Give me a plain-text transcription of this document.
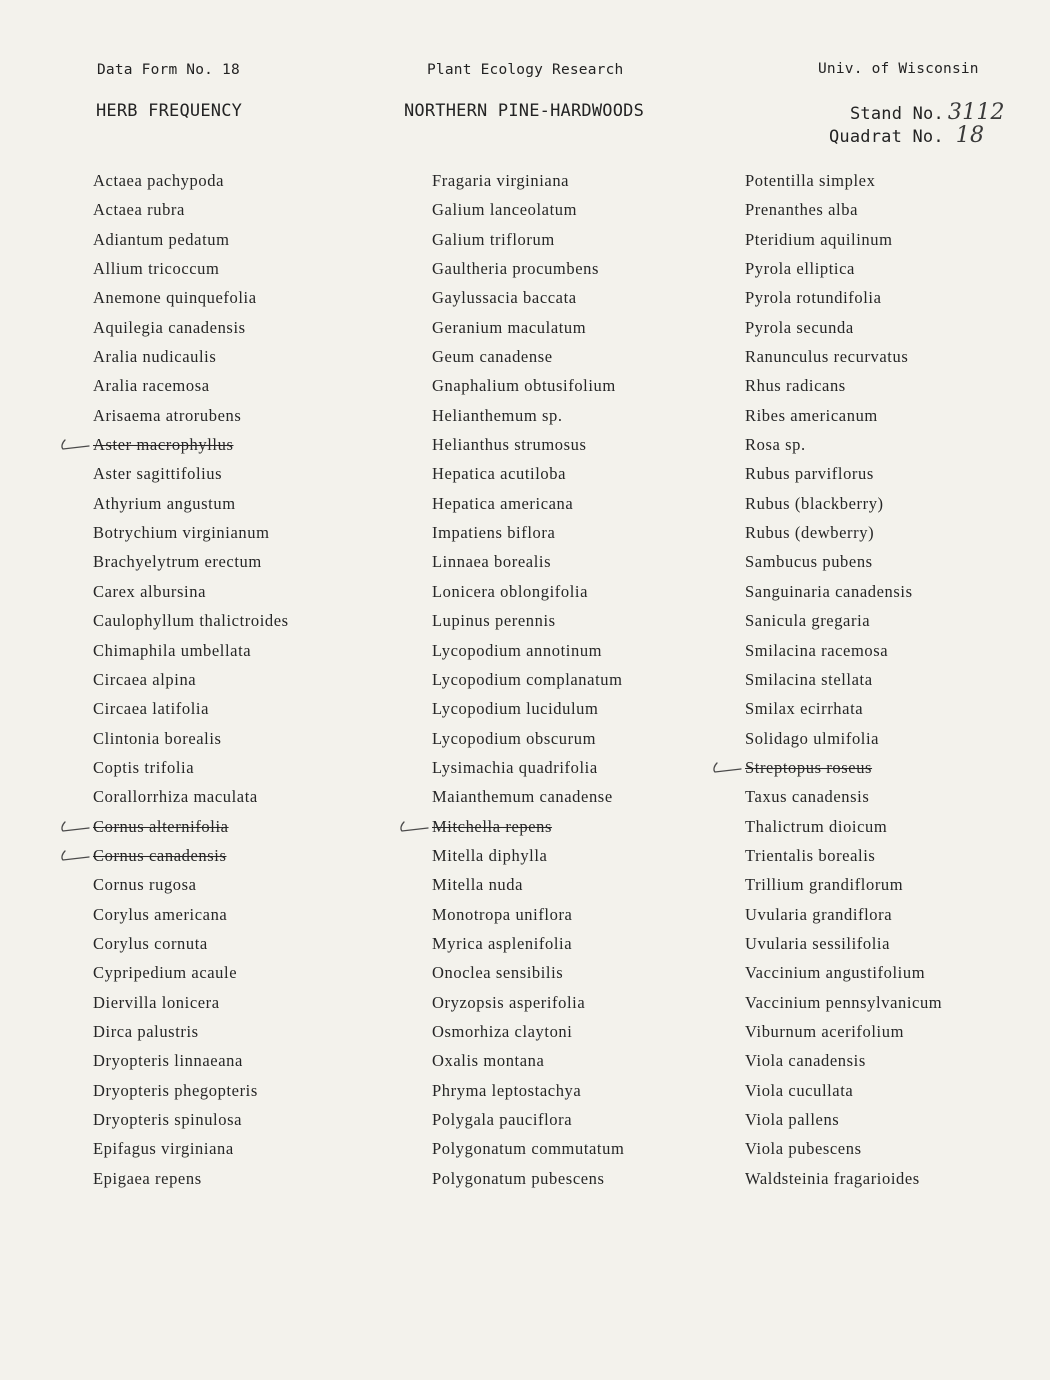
Data Form No. 18	Plant Ecology Research	Univ. of Wisconsin
HERB FREQUENCY	NORTHERN PINE-HARDWOODS	Stand No. 3112
Quadrat No. 18
Actaea pachypoda
Actaea rubra
Adiantum pedatum
Allium tricoccum
Anemone quinquefolia
Aquilegia canadensis
Aralia nudicaulis
Aralia racemosa
Arisaema atrorubens
Aster macrophyllus
Aster sagittifolius
Athyrium angustum
Botrychium virginianum
Brachyelytrum erectum
Carex albursina
Caulophyllum thalictroides
Chimaphila umbellata
Circaea alpina
Circaea latifolia
Clintonia borealis
Coptis trifolia
Corallorrhiza maculata
Cornus alternifolia
Cornus canadensis
Cornus rugosa
Corylus americana
Corylus cornuta
Cypripedium acaule
Diervilla lonicera
Dirca palustris
Dryopteris linnaeana
Dryopteris phegopteris
Dryopteris spinulosa
Epifagus virginiana
Epigaea repens
Fragaria virginiana
Galium lanceolatum
Galium triflorum
Gaultheria procumbens
Gaylussacia baccata
Geranium maculatum
Geum canadense
Gnaphalium obtusifolium
Helianthemum sp.
Helianthus strumosus
Hepatica acutiloba
Hepatica americana
Impatiens biflora
Linnaea borealis
Lonicera oblongifolia
Lupinus perennis
Lycopodium annotinum
Lycopodium complanatum
Lycopodium lucidulum
Lycopodium obscurum
Lysimachia quadrifolia
Maianthemum canadense
Mitchella repens
Mitella diphylla
Mitella nuda
Monotropa uniflora
Myrica asplenifolia
Onoclea sensibilis
Oryzopsis asperifolia
Osmorhiza claytoni
Oxalis montana
Phryma leptostachya
Polygala pauciflora
Polygonatum commutatum
Polygonatum pubescens
Potentilla simplex
Prenanthes alba
Pteridium aquilinum
Pyrola elliptica
Pyrola rotundifolia
Pyrola secunda
Ranunculus recurvatus
Rhus radicans
Ribes americanum
Rosa sp.
Rubus parviflorus
Rubus (blackberry)
Rubus (dewberry)
Sambucus pubens
Sanguinaria canadensis
Sanicula gregaria
Smilacina racemosa
Smilacina stellata
Smilax ecirrhata
Solidago ulmifolia
Streptopus roseus
Taxus canadensis
Thalictrum dioicum
Trientalis borealis
Trillium grandiflorum
Uvularia grandiflora
Uvularia sessilifolia
Vaccinium angustifolium
Vaccinium pennsylvanicum
Viburnum acerifolium
Viola canadensis
Viola cucullata
Viola pallens
Viola pubescens
Waldsteinia fragarioides
